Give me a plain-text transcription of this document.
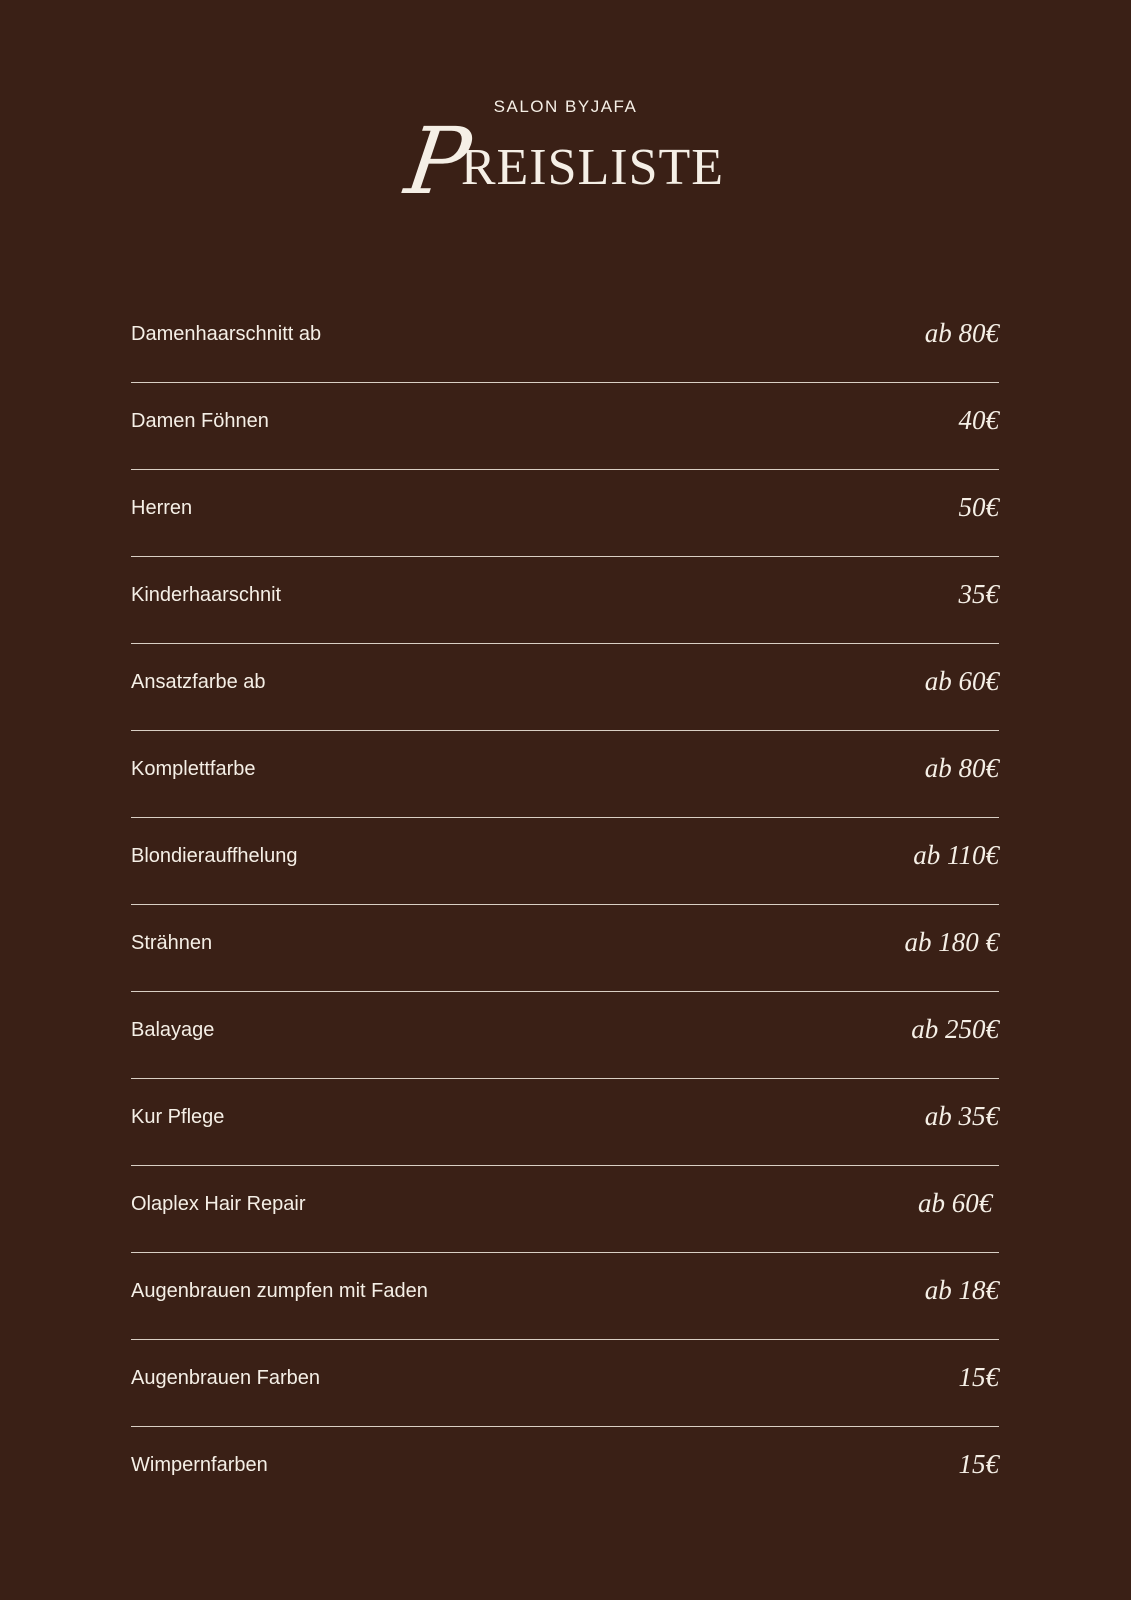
SALON BYJAFA
P
REISLISTE
Damenhaarschnitt ab	ab 80€
Damen Föhnen	40€
Herren	50€
Kinderhaarschnit	35€
Ansatzfarbe ab	ab 60€
Komplettfarbe	ab 80€
Blondierauffhelung	ab 110€
Strähnen	ab 180 €
Balayage	ab 250€
Kur Pflege	ab 35€
Olaplex Hair Repair	ab 60€
Augenbrauen zumpfen mit Faden	ab 18€
Augenbrauen Farben	15€
Wimpernfarben	15€
